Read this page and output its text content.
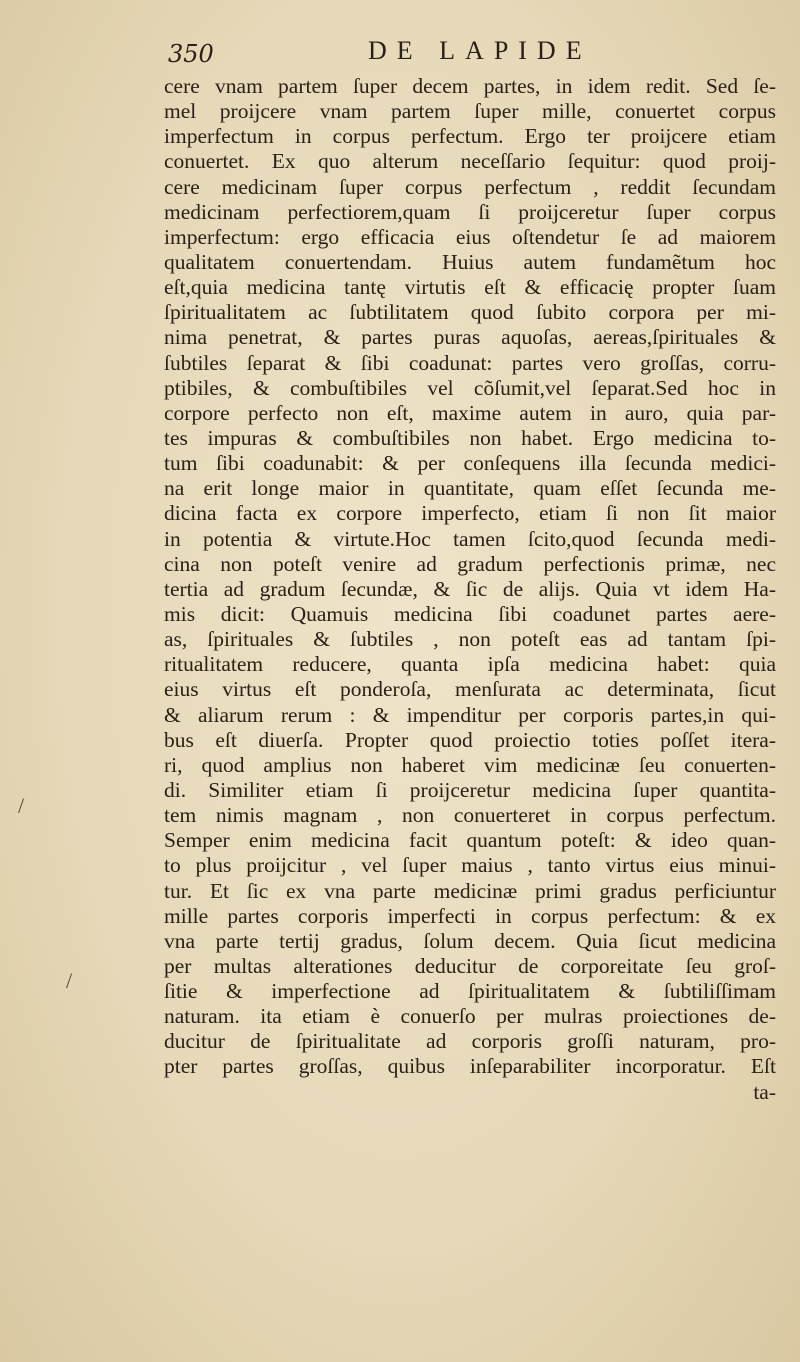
350	DE LAPIDE
cere vnam partem ſuper decem partes, in idem redit. Sed ſe-
mel proijcere vnam partem ſuper mille, conuertet corpus
imperfectum in corpus perfectum. Ergo ter proijcere etiam
conuertet. Ex quo alterum neceſſario ſequitur: quod proij-
cere medicinam ſuper corpus perfectum , reddit ſecundam
medicinam perfectiorem,quam ſi proijceretur ſuper corpus
imperfectum: ergo efficacia eius oſtendetur ſe ad maiorem
qualitatem conuertendam. Huius autem fundamẽtum hoc
eſt,quia medicina tantę virtutis eſt & efficacię propter ſuam
ſpiritualitatem ac ſubtilitatem quod ſubito corpora per mi-
nima penetrat, & partes puras aquoſas, aereas,ſpirituales &
ſubtiles ſeparat & ſibi coadunat: partes vero groſſas, corru-
ptibiles, & combuſtibiles vel cõſumit,vel ſeparat.Sed hoc in
corpore perfecto non eſt, maxime autem in auro, quia par-
tes impuras & combuſtibiles non habet. Ergo medicina to-
tum ſibi coadunabit: & per conſequens illa ſecunda medici-
na erit longe maior in quantitate, quam eſſet ſecunda me-
dicina facta ex corpore imperfecto, etiam ſi non ſit maior
in potentia & virtute.Hoc tamen ſcito,quod ſecunda medi-
cina non poteſt venire ad gradum perfectionis primæ, nec
tertia ad gradum ſecundæ, & ſic de alijs. Quia vt idem Ha-
mis dicit: Quamuis medicina ſibi coadunet partes aere-
as, ſpirituales & ſubtiles , non poteſt eas ad tantam ſpi-
ritualitatem reducere, quanta ipſa medicina habet: quia
eius virtus eſt ponderoſa, menſurata ac determinata, ſicut
& aliarum rerum : & impenditur per corporis partes,in qui-
bus eſt diuerſa. Propter quod proiectio toties poſſet itera-
ri, quod amplius non haberet vim medicinæ ſeu conuerten-
di. Similiter etiam ſi proijceretur medicina ſuper quantita-
tem nimis magnam , non conuerteret in corpus perfectum.
Semper enim medicina facit quantum poteſt: & ideo quan-
to plus proijcitur , vel ſuper maius , tanto virtus eius minui-
tur. Et ſic ex vna parte medicinæ primi gradus perficiuntur
mille partes corporis imperfecti in corpus perfectum: & ex
vna parte tertij gradus, ſolum decem. Quia ſicut medicina
per multas alterationes deducitur de corporeitate ſeu groſ-
ſitie & imperfectione ad ſpiritualitatem & ſubtiliſſimam
naturam. ita etiam è conuerſo per mulras proiectiones de-
ducitur de ſpiritualitate ad corporis groſſi naturam, pro-
pter partes groſſas, quibus inſeparabiliter incorporatur. Eſt
ta-
/
/
